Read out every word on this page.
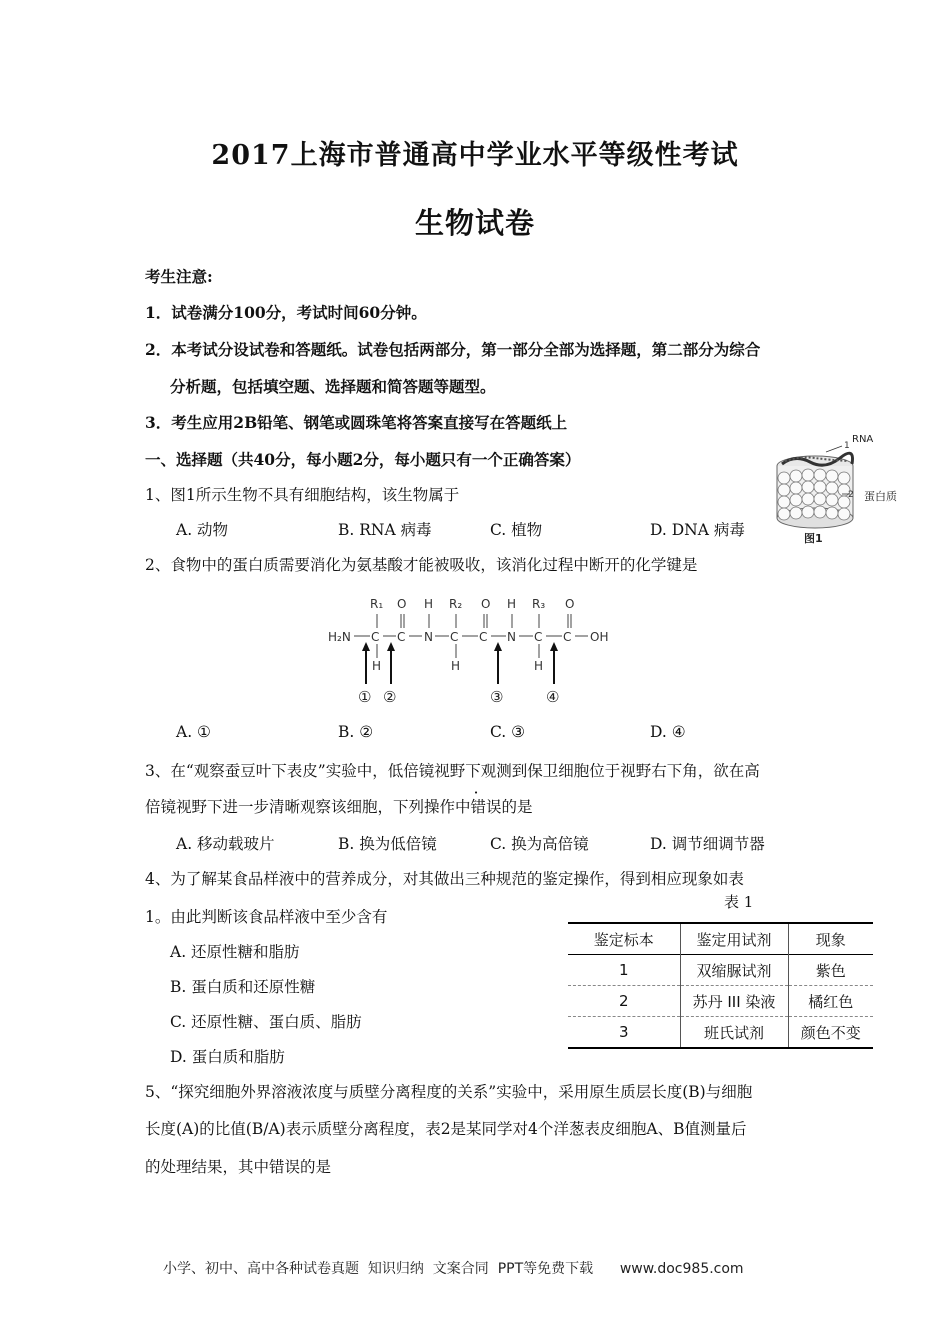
2017上海市普通高中学业水平等级性考试
生物试卷
考生注意:
1．试卷满分100分，考试时间60分钟。
2．本考试分设试卷和答题纸。试卷包括两部分，第一部分全部为选择题，第二部分为综合
分析题，包括填空题、选择题和简答题等题型。
3．考生应用2B铅笔、钢笔或圆珠笔将答案直接写在答题纸上
一、选择题（共40分，每小题2分，每小题只有一个正确答案）
1
RNA
2 蛋白质
图1
1、图1所示生物不具有细胞结构，该生物属于
A. 动物	B. RNA 病毒	C. 植物	D. DNA 病毒
2、食物中的蛋白质需要消化为氨基酸才能被吸收，该消化过程中断开的化学键是
H₂N C C N C C N C C OH
R₁ O H R₂ O H R₃ O
H	H	H
① ②	③	④
A. ①	B. ②	C. ③	D. ④
3、在“观察蚕豆叶下表皮”实验中，低倍镜视野下观测到保卫细胞位于视野右下角，欲在高
倍镜视野下进一步清晰观察该细胞，下列操作中错误的是
A. 移动载玻片	B. 换为低倍镜	C. 换为高倍镜	D. 调节细调节器
4、为了解某食品样液中的营养成分，对其做出三种规范的鉴定操作，得到相应现象如表
1。由此判断该食品样液中至少含有
表 1
A. 还原性糖和脂肪
B. 蛋白质和还原性糖
C. 还原性糖、蛋白质、脂肪
D. 蛋白质和脂肪
鉴定标本	鉴定用试剂	现象
1	双缩脲试剂	紫色
2	苏丹 III 染液	橘红色
3	班氏试剂	颜色不变
5、“探究细胞外界溶液浓度与质壁分离程度的关系”实验中，采用原生质层长度(B)与细胞
长度(A)的比值(B/A)表示质壁分离程度，表2是某同学对4个洋葱表皮细胞A、B值测量后
的处理结果，其中错误的是
小学、初中、高中各种试卷真题  知识归纳  文案合同  PPT等免费下载      www.doc985.com
